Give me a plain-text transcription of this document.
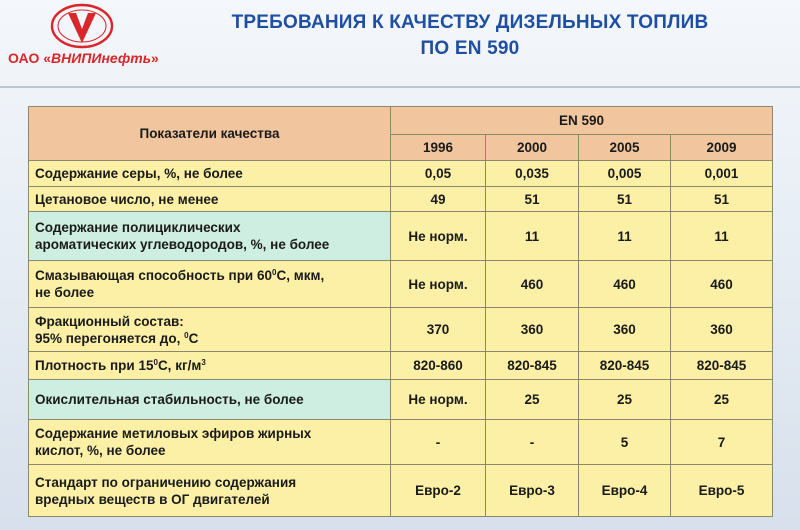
ОАО «ВНИПИнефть»
ТРЕБОВАНИЯ К КАЧЕСТВУ ДИЗЕЛЬНЫХ ТОПЛИВ
ПО EN 590
Показатели качества	EN 590			
	1996	2000	2005	2009
Содержание серы, %, не более	0,05	0,035	0,005	0,001
Цетановое число, не менее	49	51	51	51
Содержание полициклических
ароматических углеводородов, %, не более	Не норм.	11	11	11
Смазывающая способность при $60^0С$, мкм,
не более	Не норм.	460	460	460
Фракционный состав:
95% перегоняется до, $^0$С	370	360	360	360
Плотность при $15^0С$, $кг/м^3$	820-860	820-845	820-845	820-845
Окислительная стабильность, не более	Не норм.	25	25	25
Содержание метиловых эфиров жирных
кислот, %, не более	-	-	5	7
Стандарт по ограничению содержания
вредных веществ в ОГ двигателей	Евро-2	Евро-3	Евро-4	Евро-5
